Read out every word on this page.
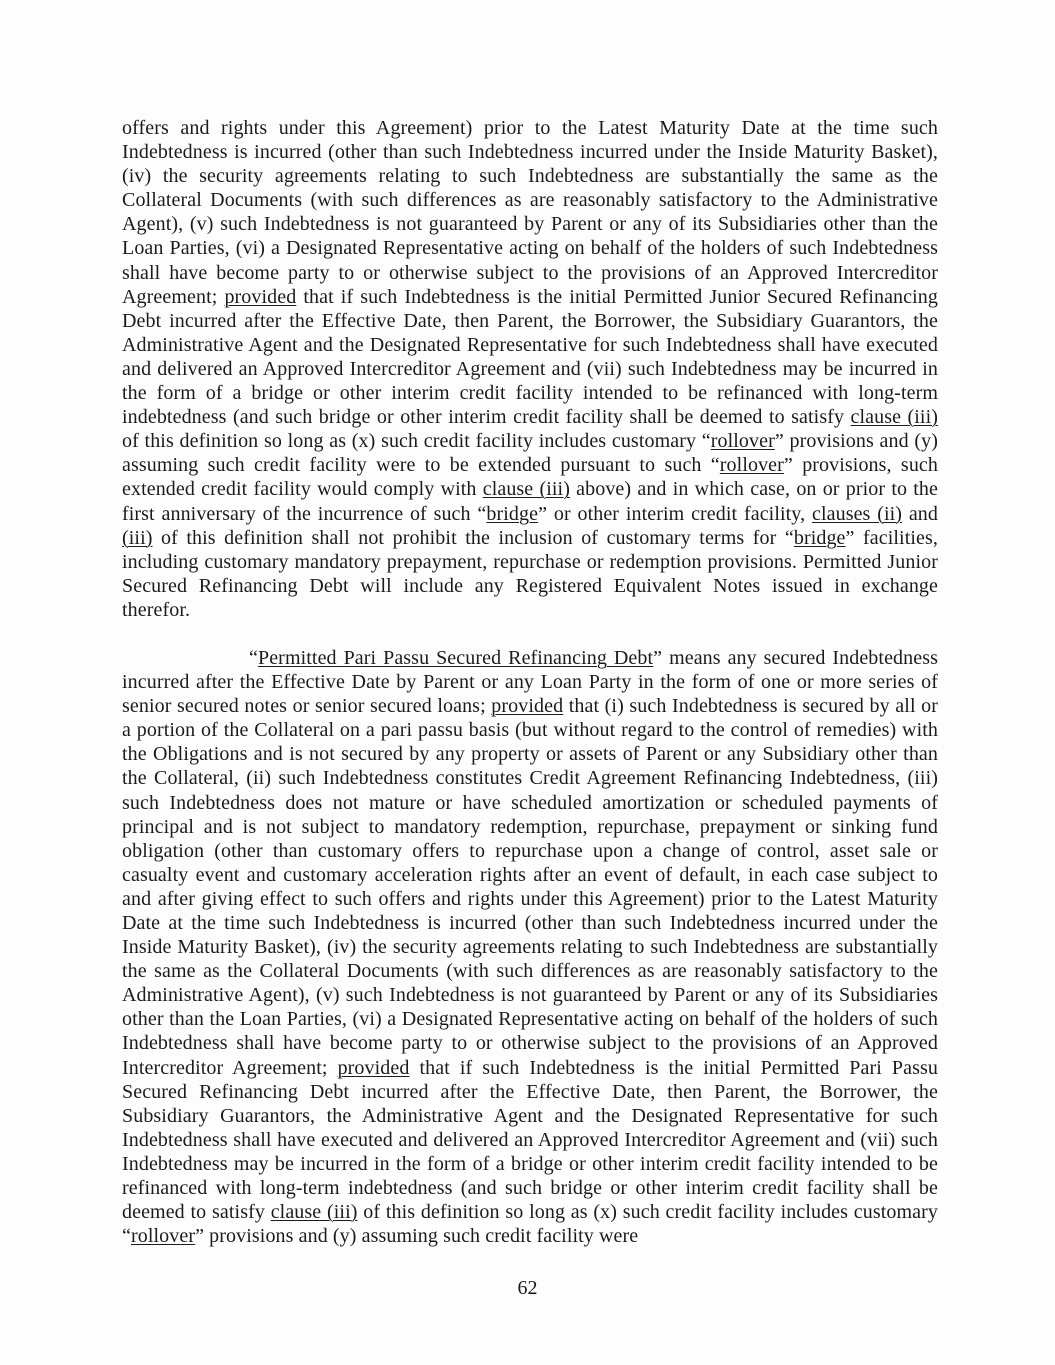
offers and rights under this Agreement) prior to the Latest Maturity Date at the time such Indebtedness is incurred (other than such Indebtedness incurred under the Inside Maturity Basket), (iv) the security agreements relating to such Indebtedness are substantially the same as the Collateral Documents (with such differences as are reasonably satisfactory to the Administrative Agent), (v) such Indebtedness is not guaranteed by Parent or any of its Subsidiaries other than the Loan Parties, (vi) a Designated Representative acting on behalf of the holders of such Indebtedness shall have become party to or otherwise subject to the provisions of an Approved Intercreditor Agreement; provided that if such Indebtedness is the initial Permitted Junior Secured Refinancing Debt incurred after the Effective Date, then Parent, the Borrower, the Subsidiary Guarantors, the Administrative Agent and the Designated Representative for such Indebtedness shall have executed and delivered an Approved Intercreditor Agreement and (vii) such Indebtedness may be incurred in the form of a bridge or other interim credit facility intended to be refinanced with long-term indebtedness (and such bridge or other interim credit facility shall be deemed to satisfy clause (iii) of this definition so long as (x) such credit facility includes customary “rollover” provisions and (y) assuming such credit facility were to be extended pursuant to such “rollover” provisions, such extended credit facility would comply with clause (iii) above) and in which case, on or prior to the first anniversary of the incurrence of such “bridge” or other interim credit facility, clauses (ii) and (iii) of this definition shall not prohibit the inclusion of customary terms for “bridge” facilities, including customary mandatory prepayment, repurchase or redemption provisions. Permitted Junior Secured Refinancing Debt will include any Registered Equivalent Notes issued in exchange therefor.

“Permitted Pari Passu Secured Refinancing Debt” means any secured Indebtedness incurred after the Effective Date by Parent or any Loan Party in the form of one or more series of senior secured notes or senior secured loans; provided that (i) such Indebtedness is secured by all or a portion of the Collateral on a pari passu basis (but without regard to the control of remedies) with the Obligations and is not secured by any property or assets of Parent or any Subsidiary other than the Collateral, (ii) such Indebtedness constitutes Credit Agreement Refinancing Indebtedness, (iii) such Indebtedness does not mature or have scheduled amortization or scheduled payments of principal and is not subject to mandatory redemption, repurchase, prepayment or sinking fund obligation (other than customary offers to repurchase upon a change of control, asset sale or casualty event and customary acceleration rights after an event of default, in each case subject to and after giving effect to such offers and rights under this Agreement) prior to the Latest Maturity Date at the time such Indebtedness is incurred (other than such Indebtedness incurred under the Inside Maturity Basket), (iv) the security agreements relating to such Indebtedness are substantially the same as the Collateral Documents (with such differences as are reasonably satisfactory to the Administrative Agent), (v) such Indebtedness is not guaranteed by Parent or any of its Subsidiaries other than the Loan Parties, (vi) a Designated Representative acting on behalf of the holders of such Indebtedness shall have become party to or otherwise subject to the provisions of an Approved Intercreditor Agreement; provided that if such Indebtedness is the initial Permitted Pari Passu Secured Refinancing Debt incurred after the Effective Date, then Parent, the Borrower, the Subsidiary Guarantors, the Administrative Agent and the Designated Representative for such Indebtedness shall have executed and delivered an Approved Intercreditor Agreement and (vii) such Indebtedness may be incurred in the form of a bridge or other interim credit facility intended to be refinanced with long-term indebtedness (and such bridge or other interim credit facility shall be deemed to satisfy clause (iii) of this definition so long as (x) such credit facility includes customary “rollover” provisions and (y) assuming such credit facility were

62
